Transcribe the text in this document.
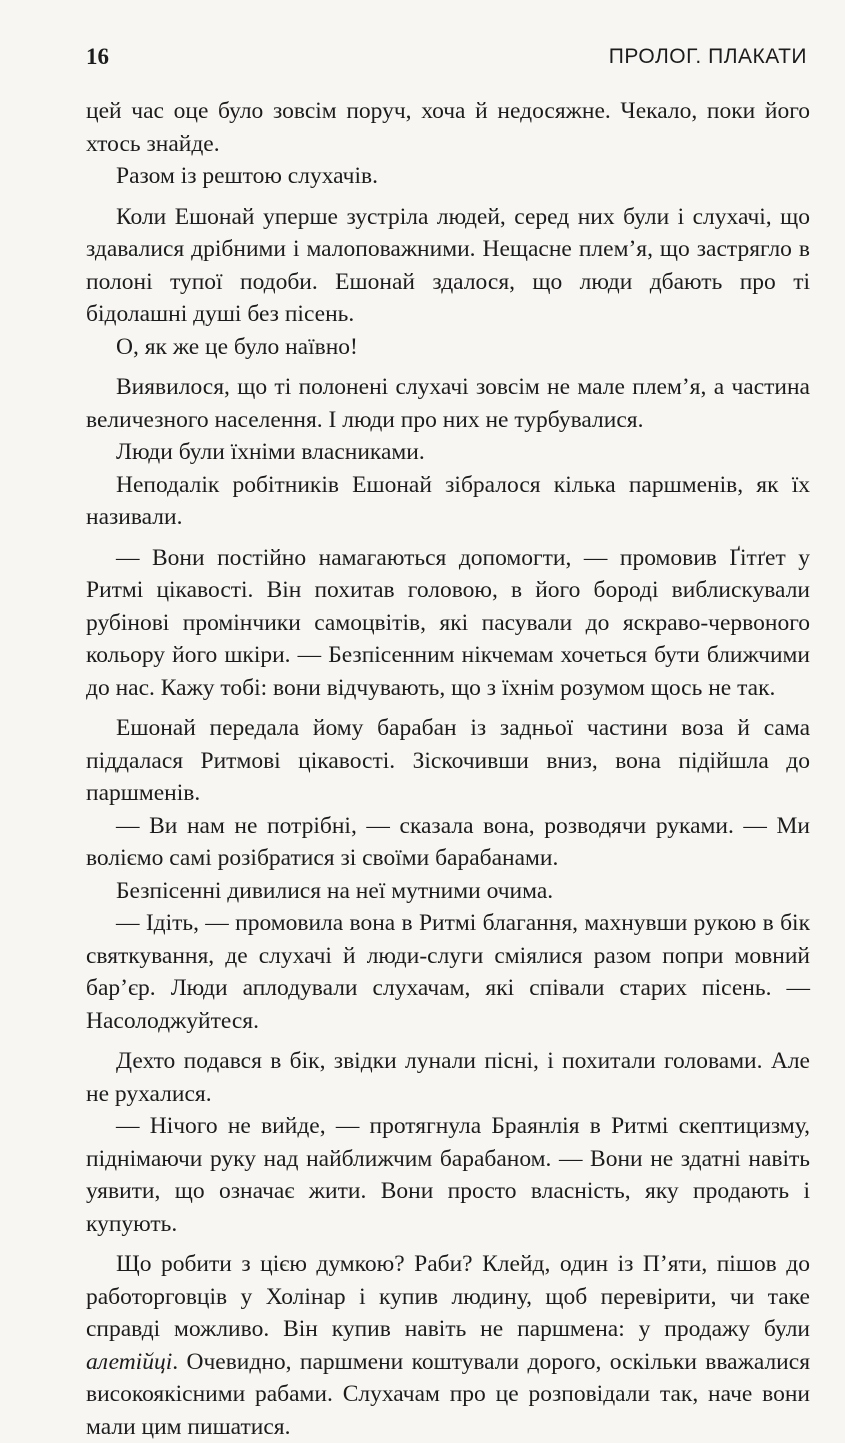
16	ПРОЛОГ. ПЛАКАТИ

цей час оце було зовсім поруч, хоча й недосяжне. Чекало, поки його хтось знайде.

Разом із рештою слухачів.

Коли Ешонай уперше зустріла людей, серед них були і слухачі, що здавалися дрібними і малоповажними. Нещасне плем’я, що застрягло в полоні тупої подоби. Ешонай здалося, що люди дбають про ті бідолашні душі без пісень.

О, як же це було наївно!

Виявилося, що ті полонені слухачі зовсім не мале плем’я, а частина величезного населення. І люди про них не турбувалися.

Люди були їхніми власниками.

Неподалік робітників Ешонай зібралося кілька паршменів, як їх називали.

— Вони постійно намагаються допомогти, — промовив Ґітґет у Ритмі цікавості. Він похитав головою, в його бороді виблискували рубінові промінчики самоцвітів, які пасували до яскраво-червоного кольору його шкіри. — Безпісенним нікчемам хочеться бути ближчими до нас. Кажу тобі: вони відчувають, що з їхнім розумом щось не так.

Ешонай передала йому барабан із задньої частини воза й сама піддалася Ритмові цікавості. Зіскочивши вниз, вона підійшла до паршменів.

— Ви нам не потрібні, — сказала вона, розводячи руками. — Ми воліємо самі розібратися зі своїми барабанами.

Безпісенні дивилися на неї мутними очима.

— Ідіть, — промовила вона в Ритмі благання, махнувши рукою в бік святкування, де слухачі й люди-слуги сміялися разом попри мовний бар’єр. Люди аплодували слухачам, які співали старих пісень. — Насолоджуйтеся.

Дехто подався в бік, звідки лунали пісні, і похитали головами. Але не рухалися.

— Нічого не вийде, — протягнула Браянлія в Ритмі скептицизму, піднімаючи руку над найближчим барабаном. — Вони не здатні навіть уявити, що означає жити. Вони просто власність, яку продають і купують.

Що робити з цією думкою? Раби? Клейд, один із П’яти, пішов до работорговців у Холінар і купив людину, щоб перевірити, чи таке справді можливо. Він купив навіть не паршмена: у продажу були алетійці. Очевидно, паршмени коштували дорого, оскільки вважалися високоякісними рабами. Слухачам про це розповідали так, наче вони мали цим пишатися.
